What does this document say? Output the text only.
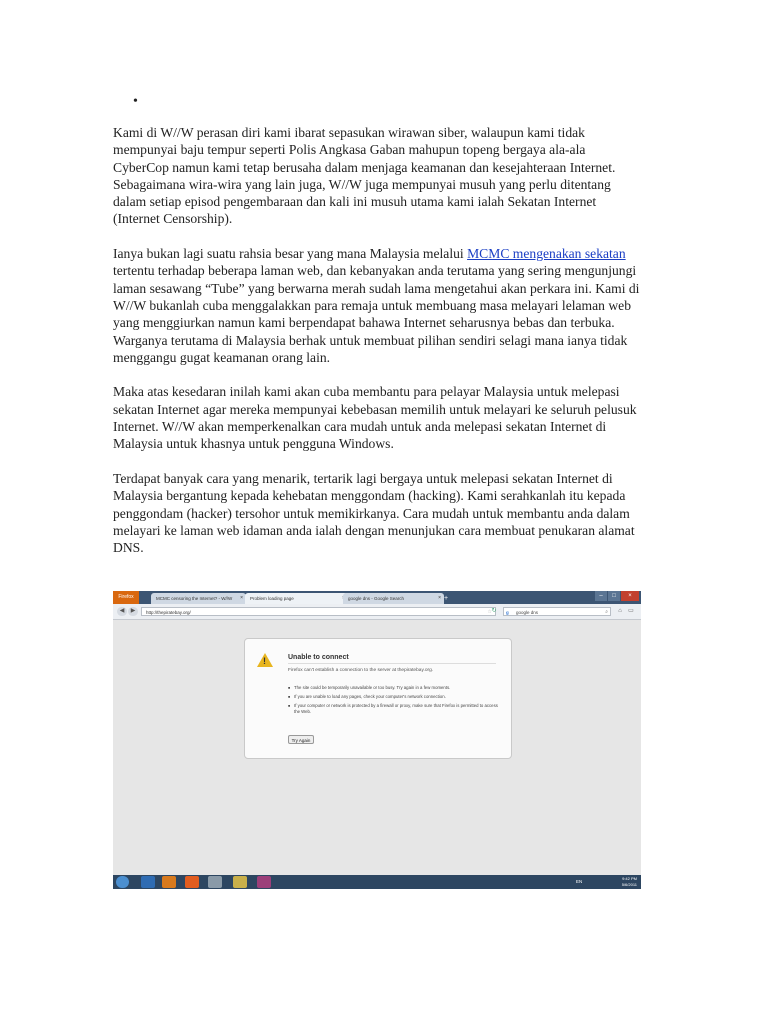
•

Kami di W//W perasan diri kami ibarat sepasukan wirawan siber, walaupun kami tidak mempunyai baju tempur seperti Polis Angkasa Gaban mahupun topeng bergaya ala-ala CyberCop namun kami tetap berusaha dalam menjaga keamanan dan kesejahteraan Internet. Sebagaimana wira-wira yang lain juga, W//W juga mempunyai musuh yang perlu ditentang dalam setiap episod pengembaraan dan kali ini musuh utama kami ialah Sekatan Internet (Internet Censorship).

Ianya bukan lagi suatu rahsia besar yang mana Malaysia melalui MCMC mengenakan sekatan tertentu terhadap beberapa laman web, dan kebanyakan anda terutama yang sering mengunjungi laman sesawang “Tube” yang berwarna merah sudah lama mengetahui akan perkara ini. Kami di W//W bukanlah cuba menggalakkan para remaja untuk membuang masa melayari lelaman web yang menggiurkan namun kami berpendapat bahawa Internet seharusnya bebas dan terbuka. Warganya terutama di Malaysia berhak untuk membuat pilihan sendiri selagi mana ianya tidak menggangu gugat keamanan orang lain.

Maka atas kesedaran inilah kami akan cuba membantu para pelayar Malaysia untuk melepasi sekatan Internet agar mereka mempunyai kebebasan memilih untuk melayari ke seluruh pelusuk Internet. W//W akan memperkenalkan cara mudah untuk anda melepasi sekatan Internet di Malaysia untuk khasnya untuk pengguna Windows.

Terdapat banyak cara yang menarik, tertarik lagi bergaya untuk melepasi sekatan Internet di Malaysia bergantung kepada kehebatan menggondam (hacking). Kami serahkanlah itu kepada penggondam (hacker) tersohor untuk memikirkanya. Cara mudah untuk membantu anda dalam melayari ke laman web idaman anda ialah dengan menunjukan cara membuat penukaran alamat DNS.

Firefox	MCMC censoring the Internet? - W//W ×	Problem loading page	google dns - Google Search	× +	–	□	×
◀	▶	http://thepiratebay.org/	☆ ↻	g google dns	⌕	⌂	▭
!	Unable to connect
Firefox can't establish a connection to the server at thepiratebay.org.
■ The site could be temporarily unavailable or too busy. Try again in a few moments.
■ If you are unable to load any pages, check your computer's network connection.
■ If your computer or network is protected by a firewall or proxy, make sure that Firefox is permitted to access the Web.
Try Again
EN
9:42 PM
5/6/2011
